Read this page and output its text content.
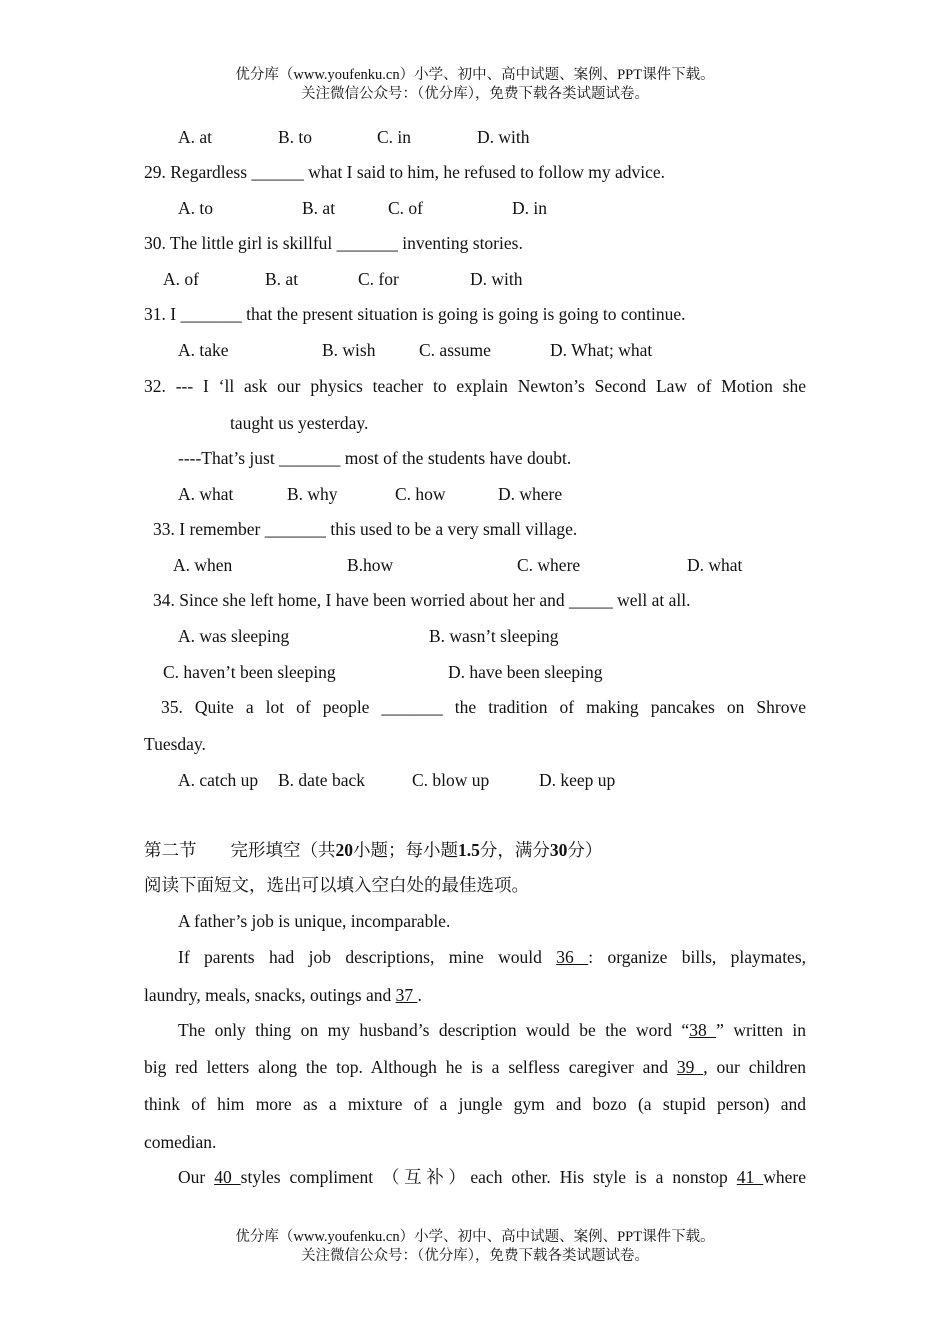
优分库（www.youfenku.cn）小学、初中、高中试题、案例、PPT课件下载。
关注微信公众号：（优分库），免费下载各类试题试卷。
A. at	B. to	C. in	D. with
29. Regardless ______ what I said to him, he refused to follow my advice.
A. to	B. at	C. of	D. in
30. The little girl is skillful _______ inventing stories.
A. of	B. at	C. for	D. with
31. I _______ that the present situation is going is going is going to continue.
A. take	B. wish C. assume	D. What; what
32. --- I ‘ll ask our physics teacher to explain Newton’s Second Law of Motion she
taught us yesterday.
----That’s just _______ most of the students have doubt.
A. what	B. why	C. how	D. where
33. I remember _______ this used to be a very small village.
A. when	B.how	C. where	D. what
34. Since she left home, I have been worried about her and _____ well at all.
A. was sleeping	B. wasn’t sleeping
C. haven’t been sleeping	D. have been sleeping
35. Quite a lot of people _______ the tradition of making pancakes on Shrove
Tuesday.
A. catch up B. date back	C. blow up	D. keep up
第二节 完形填空（共20小题；每小题1.5分，满分30分）
阅读下面短文，选出可以填入空白处的最佳选项。
A father’s job is unique, incomparable.
If parents had job descriptions, mine would 36 : organize bills, playmates,
laundry, meals, snacks, outings and 37 .
The only thing on my husband’s description would be the word “38 ” written in
big red letters along the top. Although he is a selfless caregiver and 39 , our children
think of him more as a mixture of a jungle gym and bozo (a stupid person) and
comedian.
Our 40 styles compliment （互补）each other. His style is a nonstop 41 where
优分库（www.youfenku.cn）小学、初中、高中试题、案例、PPT课件下载。
关注微信公众号：（优分库），免费下载各类试题试卷。
